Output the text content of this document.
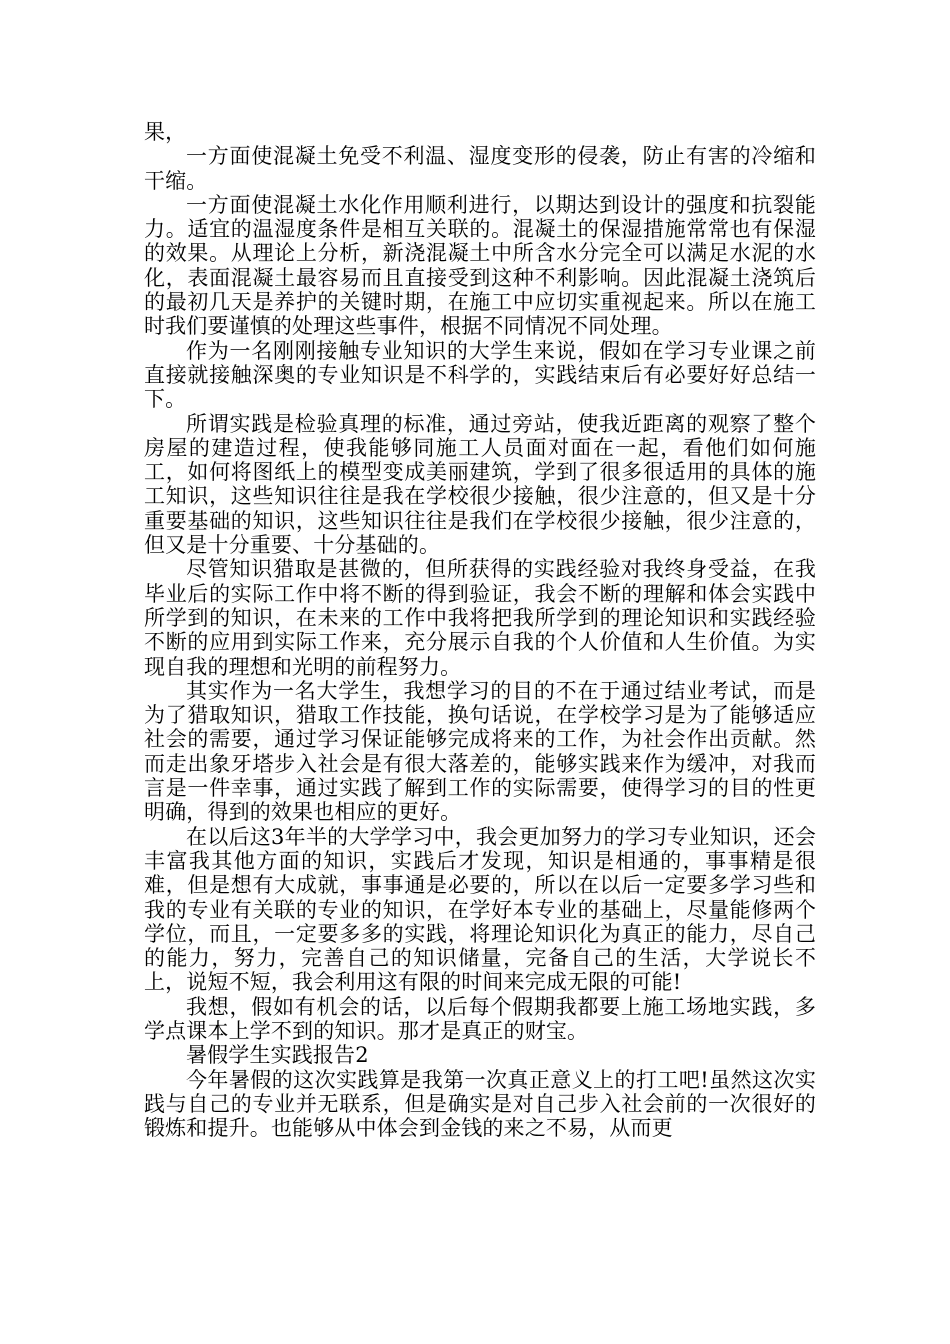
果，

一方面使混凝土免受不利温、湿度变形的侵袭，防止有害的冷缩和干缩。

一方面使混凝土水化作用顺利进行，以期达到设计的强度和抗裂能力。适宜的温湿度条件是相互关联的。混凝土的保湿措施常常也有保湿的效果。从理论上分析，新浇混凝土中所含水分完全可以满足水泥的水化，表面混凝土最容易而且直接受到这种不利影响。因此混凝土浇筑后的最初几天是养护的关键时期，在施工中应切实重视起来。所以在施工时我们要谨慎的处理这些事件，根据不同情况不同处理。

作为一名刚刚接触专业知识的大学生来说，假如在学习专业课之前直接就接触深奥的专业知识是不科学的，实践结束后有必要好好总结一下。

所谓实践是检验真理的标准，通过旁站，使我近距离的观察了整个房屋的建造过程，使我能够同施工人员面对面在一起，看他们如何施工，如何将图纸上的模型变成美丽建筑，学到了很多很适用的具体的施工知识，这些知识往往是我在学校很少接触，很少注意的，但又是十分重要基础的知识，这些知识往往是我们在学校很少接触，很少注意的，但又是十分重要、十分基础的。

尽管知识猎取是甚微的，但所获得的实践经验对我终身受益，在我毕业后的实际工作中将不断的得到验证，我会不断的理解和体会实践中所学到的知识，在未来的工作中我将把我所学到的理论知识和实践经验不断的应用到实际工作来，充分展示自我的个人价值和人生价值。为实现自我的理想和光明的前程努力。

其实作为一名大学生，我想学习的目的不在于通过结业考试，而是为了猎取知识，猎取工作技能，换句话说，在学校学习是为了能够适应社会的需要，通过学习保证能够完成将来的工作，为社会作出贡献。然而走出象牙塔步入社会是有很大落差的，能够实践来作为缓冲，对我而言是一件幸事，通过实践了解到工作的实际需要，使得学习的目的性更明确，得到的效果也相应的更好。

在以后这3年半的大学学习中，我会更加努力的学习专业知识，还会丰富我其他方面的知识，实践后才发现，知识是相通的，事事精是很难，但是想有大成就，事事通是必要的，所以在以后一定要多学习些和我的专业有关联的专业的知识，在学好本专业的基础上，尽量能修两个学位，而且，一定要多多的实践，将理论知识化为真正的能力，尽自己的能力，努力，完善自己的知识储量，完备自己的生活，大学说长不上，说短不短，我会利用这有限的时间来完成无限的可能!

我想，假如有机会的话，以后每个假期我都要上施工场地实践，多学点课本上学不到的知识。那才是真正的财宝。

暑假学生实践报告2

今年暑假的这次实践算是我第一次真正意义上的打工吧!虽然这次实践与自己的专业并无联系，但是确实是对自己步入社会前的一次很好的锻炼和提升。也能够从中体会到金钱的来之不易，从而更
